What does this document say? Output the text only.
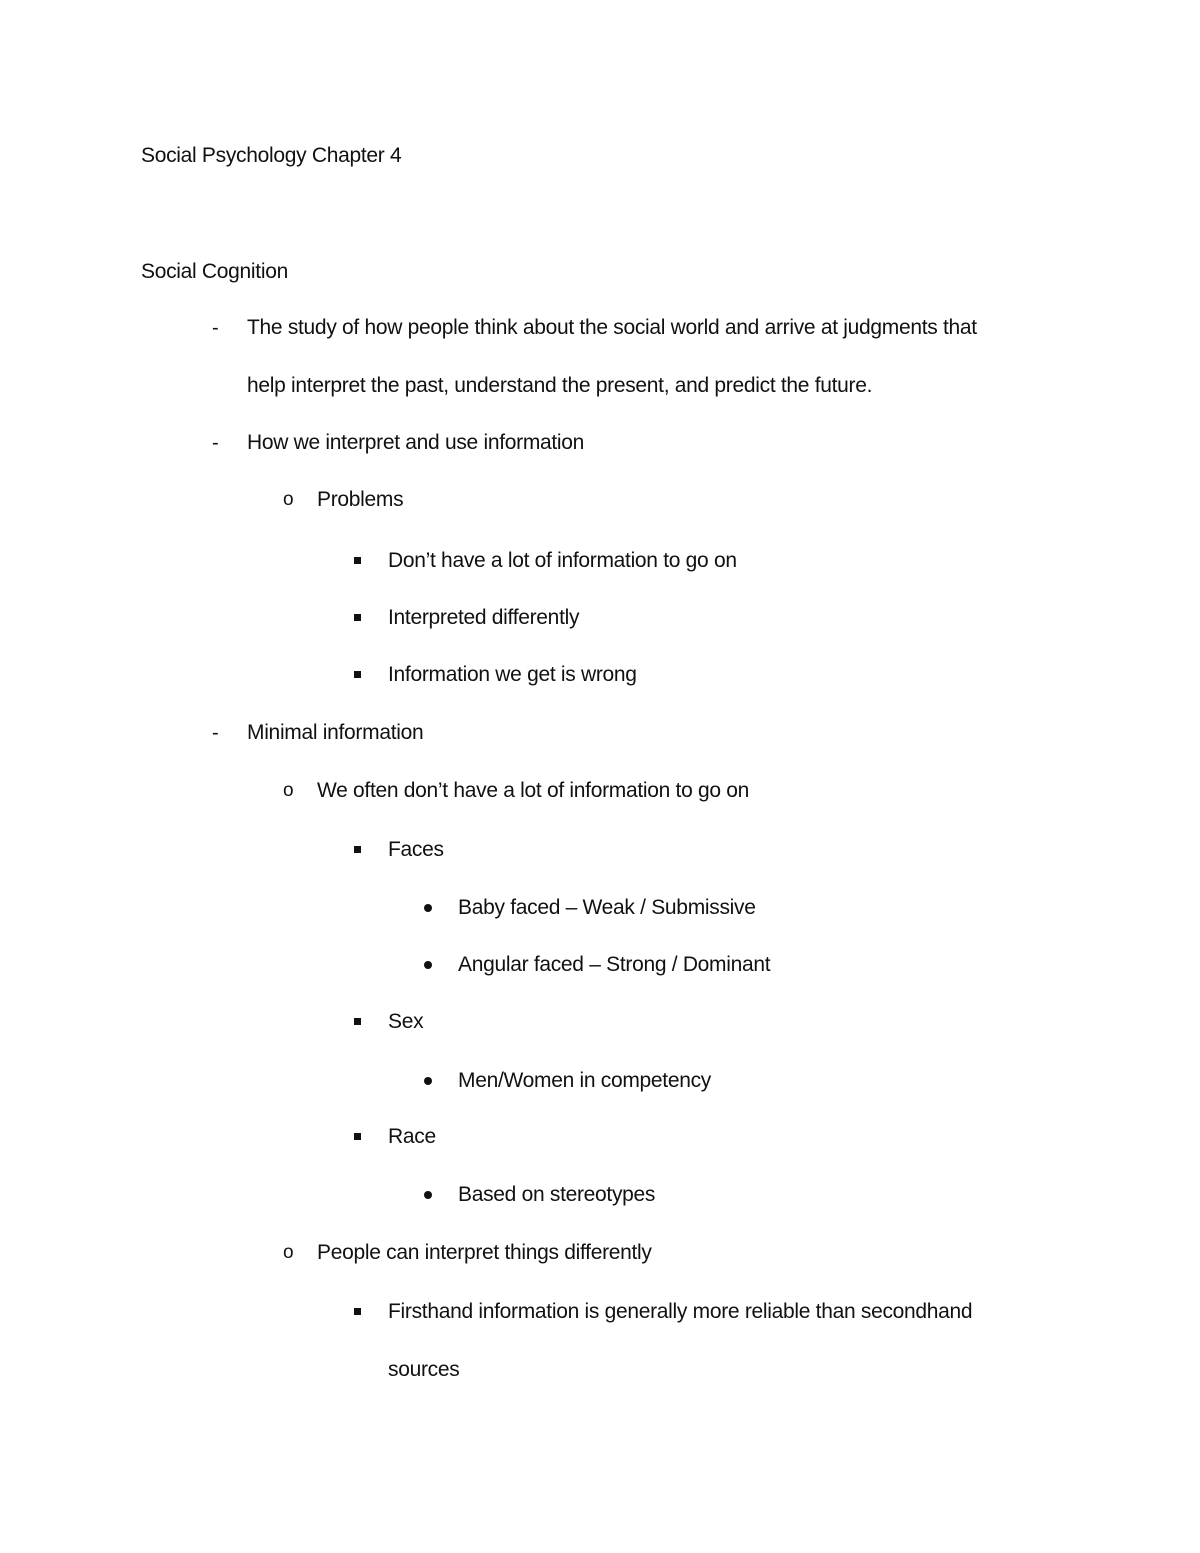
Social Psychology Chapter 4
Social Cognition
- The study of how people think about the social world and arrive at judgments that
help interpret the past, understand the present, and predict the future.
- How we interpret and use information
o Problems
Don’t have a lot of information to go on
Interpreted differently
Information we get is wrong
- Minimal information
o We often don’t have a lot of information to go on
Faces
Baby faced – Weak / Submissive
Angular faced – Strong / Dominant
Sex
Men/Women in competency
Race
Based on stereotypes
o People can interpret things differently
Firsthand information is generally more reliable than secondhand
sources
